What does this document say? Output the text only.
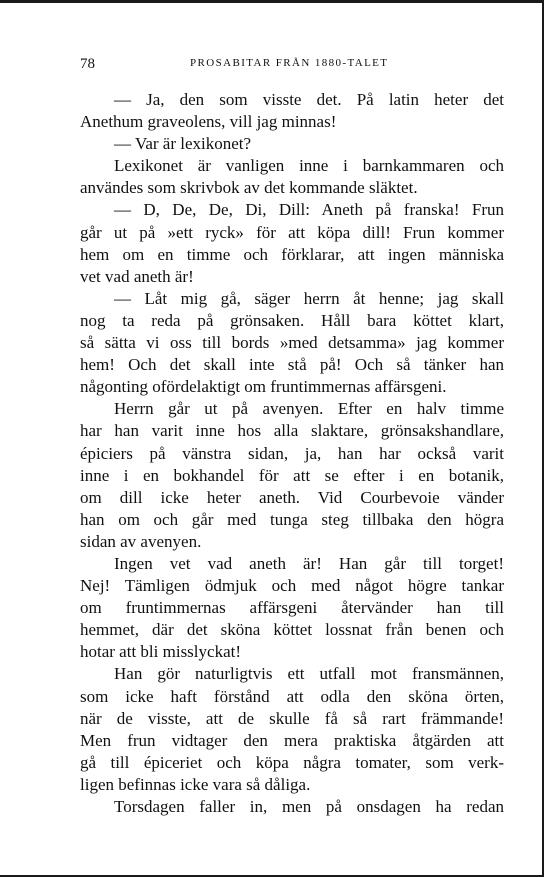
78	PROSABITAR FRÅN 1880-TALET
— Ja, den som visste det. På latin heter det
Anethum graveolens, vill jag minnas!
— Var är lexikonet?
Lexikonet är vanligen inne i barnkammaren och
användes som skrivbok av det kommande släktet.
— D, De, De, Di, Dill: Aneth på franska! Frun
går ut på »ett ryck» för att köpa dill! Frun kommer
hem om en timme och förklarar, att ingen människa
vet vad aneth är!
— Låt mig gå, säger herrn åt henne; jag skall
nog ta reda på grönsaken. Håll bara köttet klart,
så sätta vi oss till bords »med detsamma» jag kommer
hem! Och det skall inte stå på! Och så tänker han
någonting ofördelaktigt om fruntimmernas affärsgeni.
Herrn går ut på avenyen. Efter en halv timme
har han varit inne hos alla slaktare, grönsakshandlare,
épiciers på vänstra sidan, ja, han har också varit
inne i en bokhandel för att se efter i en botanik,
om dill icke heter aneth. Vid Courbevoie vänder
han om och går med tunga steg tillbaka den högra
sidan av avenyen.
Ingen vet vad aneth är! Han går till torget!
Nej! Tämligen ödmjuk och med något högre tankar
om fruntimmernas affärsgeni återvänder han till
hemmet, där det sköna köttet lossnat från benen och
hotar att bli misslyckat!
Han gör naturligtvis ett utfall mot fransmännen,
som icke haft förstånd att odla den sköna örten,
när de visste, att de skulle få så rart främmande!
Men frun vidtager den mera praktiska åtgärden att
gå till épiceriet och köpa några tomater, som verk-
ligen befinnas icke vara så dåliga.
Torsdagen faller in, men på onsdagen ha redan
